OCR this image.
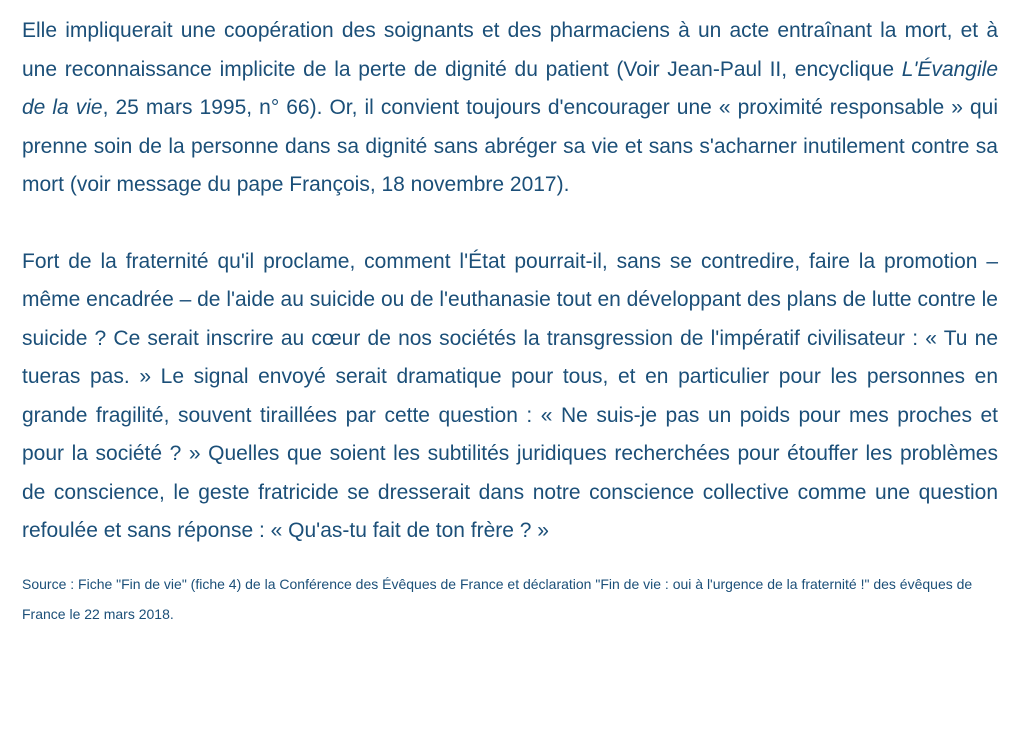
Elle impliquerait une coopération des soignants et des pharmaciens à un acte entraînant la mort, et à une reconnaissance implicite de la perte de dignité du patient (Voir Jean-Paul II, encyclique L'Évangile de la vie, 25 mars 1995, n° 66). Or, il convient toujours d'encourager une « proximité responsable » qui prenne soin de la personne dans sa dignité sans abréger sa vie et sans s'acharner inutilement contre sa mort (voir message du pape François, 18 novembre 2017).

Fort de la fraternité qu'il proclame, comment l'État pourrait-il, sans se contredire, faire la promotion – même encadrée – de l'aide au suicide ou de l'euthanasie tout en développant des plans de lutte contre le suicide ? Ce serait inscrire au cœur de nos sociétés la transgression de l'impératif civilisateur : « Tu ne tueras pas. » Le signal envoyé serait dramatique pour tous, et en particulier pour les personnes en grande fragilité, souvent tiraillées par cette question : « Ne suis-je pas un poids pour mes proches et pour la société ? » Quelles que soient les subtilités juridiques recherchées pour étouffer les problèmes de conscience, le geste fratricide se dresserait dans notre conscience collective comme une question refoulée et sans réponse : « Qu'as-tu fait de ton frère ? »

Source : Fiche "Fin de vie" (fiche 4) de la Conférence des Évêques de France et déclaration "Fin de vie : oui à l'urgence de la fraternité !" des évêques de France le 22 mars 2018.
